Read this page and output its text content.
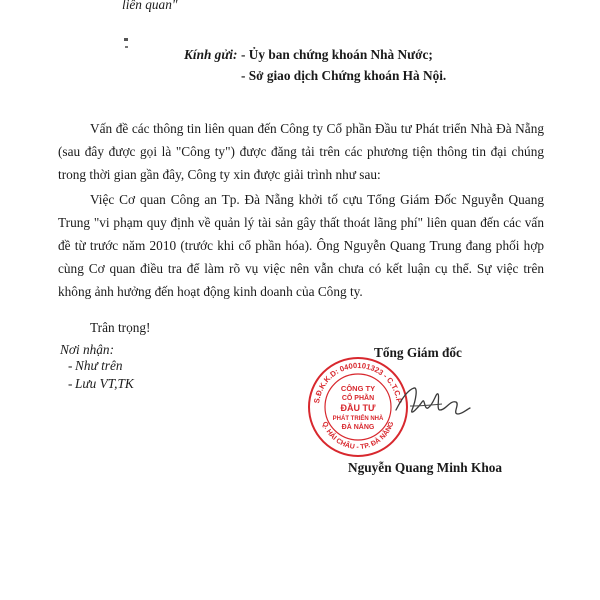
liên quan"
Kính gửi: - Ủy ban chứng khoán Nhà Nước;
- Sở giao dịch Chứng khoán Hà Nội.
Vấn đề các thông tin liên quan đến Công ty Cổ phần Đầu tư Phát triển Nhà Đà Nẵng (sau đây được gọi là "Công ty") được đăng tải trên các phương tiện thông tin đại chúng trong thời gian gần đây, Công ty xin được giải trình như sau:
Việc Cơ quan Công an Tp. Đà Nẵng khởi tố cựu Tổng Giám Đốc Nguyễn Quang Trung "vi phạm quy định về quản lý tài sản gây thất thoát lãng phí" liên quan đến các vấn đề từ trước năm 2010 (trước khi cổ phần hóa). Ông Nguyễn Quang Trung đang phối hợp cùng Cơ quan điều tra để làm rõ vụ việc nên vẫn chưa có kết luận cụ thể. Sự việc trên không ảnh hưởng đến hoạt động kinh doanh của Công ty.
Trân trọng!
Nơi nhận:
- Như trên
- Lưu VT,TK
Tổng Giám đốc
S.Đ.K.K.D: 0400101323 - C.T.C.P
Q. HẢI CHÂU - TP. ĐÀ NẴNG
CÔNG TY
CỔ PHẦN
ĐẦU TƯ
PHÁT TRIỂN NHÀ
ĐÀ NẴNG
Nguyễn Quang Minh Khoa
